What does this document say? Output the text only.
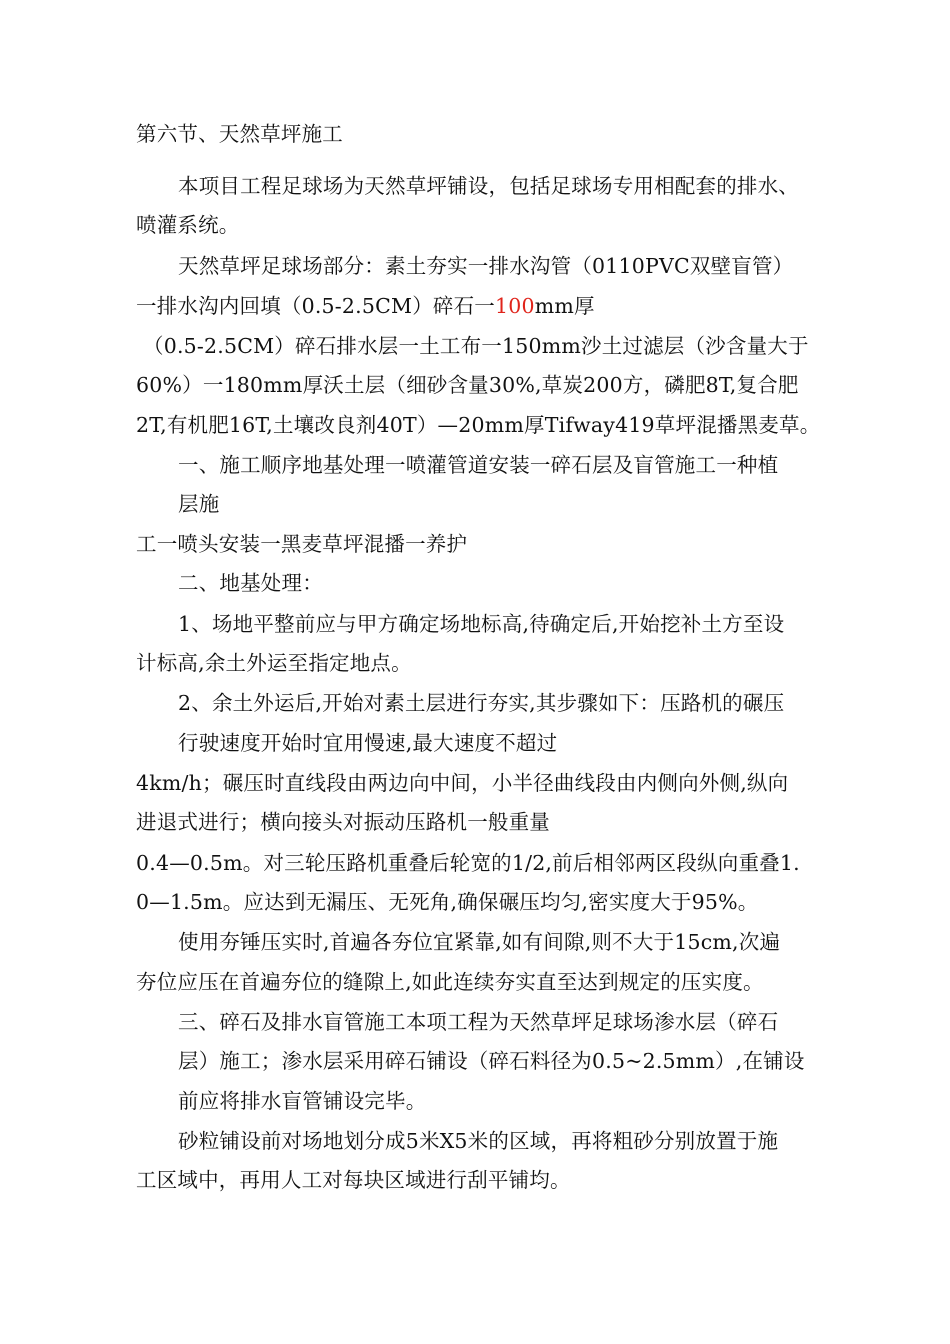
第六节、天然草坪施工
本项目工程足球场为天然草坪铺设，包括足球场专用相配套的排水、
喷灌系统。
天然草坪足球场部分：素土夯实一排水沟管（0110PVC双壁盲管）
一排水沟内回填（0.5-2.5CM）碎石一100mm厚
（0.5-2.5CM）碎石排水层一土工布一150mm沙土过滤层（沙含量大于
60%）一180mm厚沃土层（细砂含量30%,草炭200方，磷肥8T,复合肥
2T,有机肥16T,土壤改良剂40T）—20mm厚Tifway419草坪混播黑麦草。
一、施工顺序地基处理一喷灌管道安装一碎石层及盲管施工一种植
层施
工一喷头安装一黑麦草坪混播一养护
二、地基处理：
1、场地平整前应与甲方确定场地标高,待确定后,开始挖补土方至设
计标高,余土外运至指定地点。
2、余土外运后,开始对素土层进行夯实,其步骤如下：压路机的碾压
行驶速度开始时宜用慢速,最大速度不超过
4km/h；碾压时直线段由两边向中间，小半径曲线段由内侧向外侧,纵向
进退式进行；横向接头对振动压路机一般重量
0.4—0.5m。对三轮压路机重叠后轮宽的1/2,前后相邻两区段纵向重叠1.
0—1.5m。应达到无漏压、无死角,确保碾压均匀,密实度大于95%。
使用夯锤压实时,首遍各夯位宜紧靠,如有间隙,则不大于15cm,次遍
夯位应压在首遍夯位的缝隙上,如此连续夯实直至达到规定的压实度。
三、碎石及排水盲管施工本项工程为天然草坪足球场渗水层（碎石
层）施工；渗水层采用碎石铺设（碎石料径为0.5~2.5mm）,在铺设
前应将排水盲管铺设完毕。
砂粒铺设前对场地划分成5米X5米的区域，再将粗砂分别放置于施
工区域中，再用人工对每块区域进行刮平铺均。
